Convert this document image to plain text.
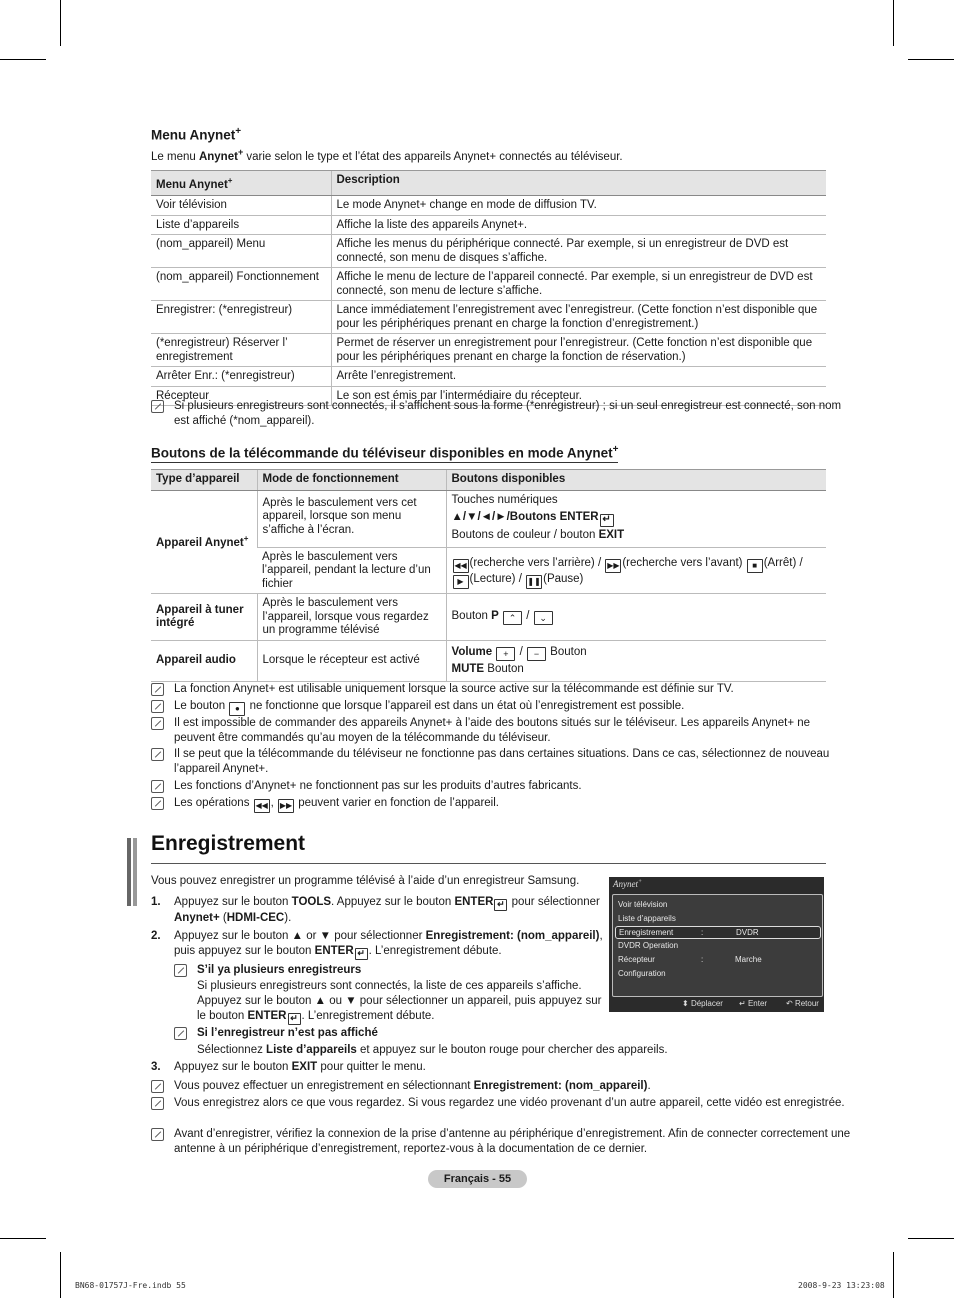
Menu Anynet+
Le menu Anynet+ varie selon le type et l’état des appareils Anynet+ connectés au téléviseur.
Menu Anynet+	Description
Voir télévision	Le mode Anynet+ change en mode de diffusion TV.
Liste d’appareils	Affiche la liste des appareils Anynet+.
(nom_appareil) Menu	Affiche les menus du périphérique connecté. Par exemple, si un enregistreur de DVD est connecté, son menu de disques s’affiche.
(nom_appareil) Fonctionnement	Affiche le menu de lecture de l’appareil connecté. Par exemple, si un enregistreur de DVD est connecté, son menu de lecture s’affiche.
Enregistrer: (*enregistreur)	Lance immédiatement l’enregistrement avec l’enregistreur. (Cette fonction n’est disponible que pour les périphériques prenant en charge la fonction d’enregistrement.)
(*enregistreur) Réserver l’ enregistrement	Permet de réserver un enregistrement pour l’enregistreur. (Cette fonction n’est disponible que pour les périphériques prenant en charge la fonction de réservation.)
Arrêter Enr.: (*enregistreur)	Arrête l’enregistrement.
Récepteur	Le son est émis par l’intermédiaire du récepteur.
Si plusieurs enregistreurs sont connectés, il s’affichent sous la forme (*enregistreur) ; si un seul enregistreur est connecté, son nom est affiché (*nom_appareil).
Boutons de la télécommande du téléviseur disponibles en mode Anynet+
Type d’appareil	Mode de fonctionnement	Boutons disponibles
Appareil Anynet+	Après le basculement vers cet appareil, lorsque son menu s’affiche à l’écran.	Touches numériques
▲/▼/◄/►/Boutons ENTER ↵
Boutons de couleur / bouton EXIT

	Après le basculement vers l’appareil, pendant la lecture d’un fichier	◀◀ (recherche vers l’arrière) / ▶▶ (recherche vers l’avant) ■ (Arrêt) /
▶ (Lecture) / ❚❚ (Pause)
Appareil à tuner intégré	Après le basculement vers l’appareil, lorsque vous regardez un programme télévisé	Bouton P ⌃ / ⌄
Appareil audio	Lorsque le récepteur est activé	Volume + / − Bouton
MUTE Bouton
La fonction Anynet+ est utilisable uniquement lorsque la source active sur la télécommande est définie sur TV.
Le bouton ● ne fonctionne que lorsque l’appareil est dans un état où l’enregistrement est possible.
Il est impossible de commander des appareils Anynet+ à l’aide des boutons situés sur le téléviseur. Les appareils Anynet+ ne peuvent être commandés qu’au moyen de la télécommande du téléviseur.
Il se peut que la télécommande du téléviseur ne fonctionne pas dans certaines situations. Dans ce cas, sélectionnez de nouveau l’appareil Anynet+.
Les fonctions d’Anynet+ ne fonctionnent pas sur les produits d’autres fabricants.
Les opérations ◀◀ , ▶▶ peuvent varier en fonction de l’appareil.
Enregistrement
Vous pouvez enregistrer un programme télévisé à l’aide d’un enregistreur Samsung.
1. Appuyez sur le bouton TOOLS. Appuyez sur le bouton ENTER ↵ pour sélectionner Anynet+ (HDMI-CEC).
2. Appuyez sur le bouton ▲ or ▼ pour sélectionner Enregistrement: (nom_appareil), puis appuyez sur le bouton ENTER ↵ . L’enregistrement débute.
S’il ya plusieurs enregistreurs
Si plusieurs enregistreurs sont connectés, la liste de ces appareils s’affiche. Appuyez sur le bouton ▲ ou ▼ pour sélectionner un appareil, puis appuyez sur le bouton ENTER ↵ . L’enregistrement débute.
Si l’enregistreur n’est pas affiché
Sélectionnez Liste d’appareils et appuyez sur le bouton rouge pour chercher des appareils.
3. Appuyez sur le bouton EXIT pour quitter le menu.
Vous pouvez effectuer un enregistrement en sélectionnant Enregistrement: (nom_appareil).
Vous enregistrez alors ce que vous regardez. Si vous regardez une vidéo provenant d’un autre appareil, cette vidéo est enregistrée.
Avant d’enregistrer, vérifiez la connexion de la prise d’antenne au périphérique d’enregistrement. Afin de connecter correctement une antenne à un périphérique d’enregistrement, reportez-vous à la documentation de ce dernier.
Anynet+
Voir télévision
Liste d’appareils
Enregistrement	:	DVDR
DVDR Operation
Récepteur	:	Marche
Configuration
⬍ Déplacer ↵ Enter ↶ Retour
Français - 55
BN68-01757J-Fre.indb 55	2008-9-23 13:23:08
